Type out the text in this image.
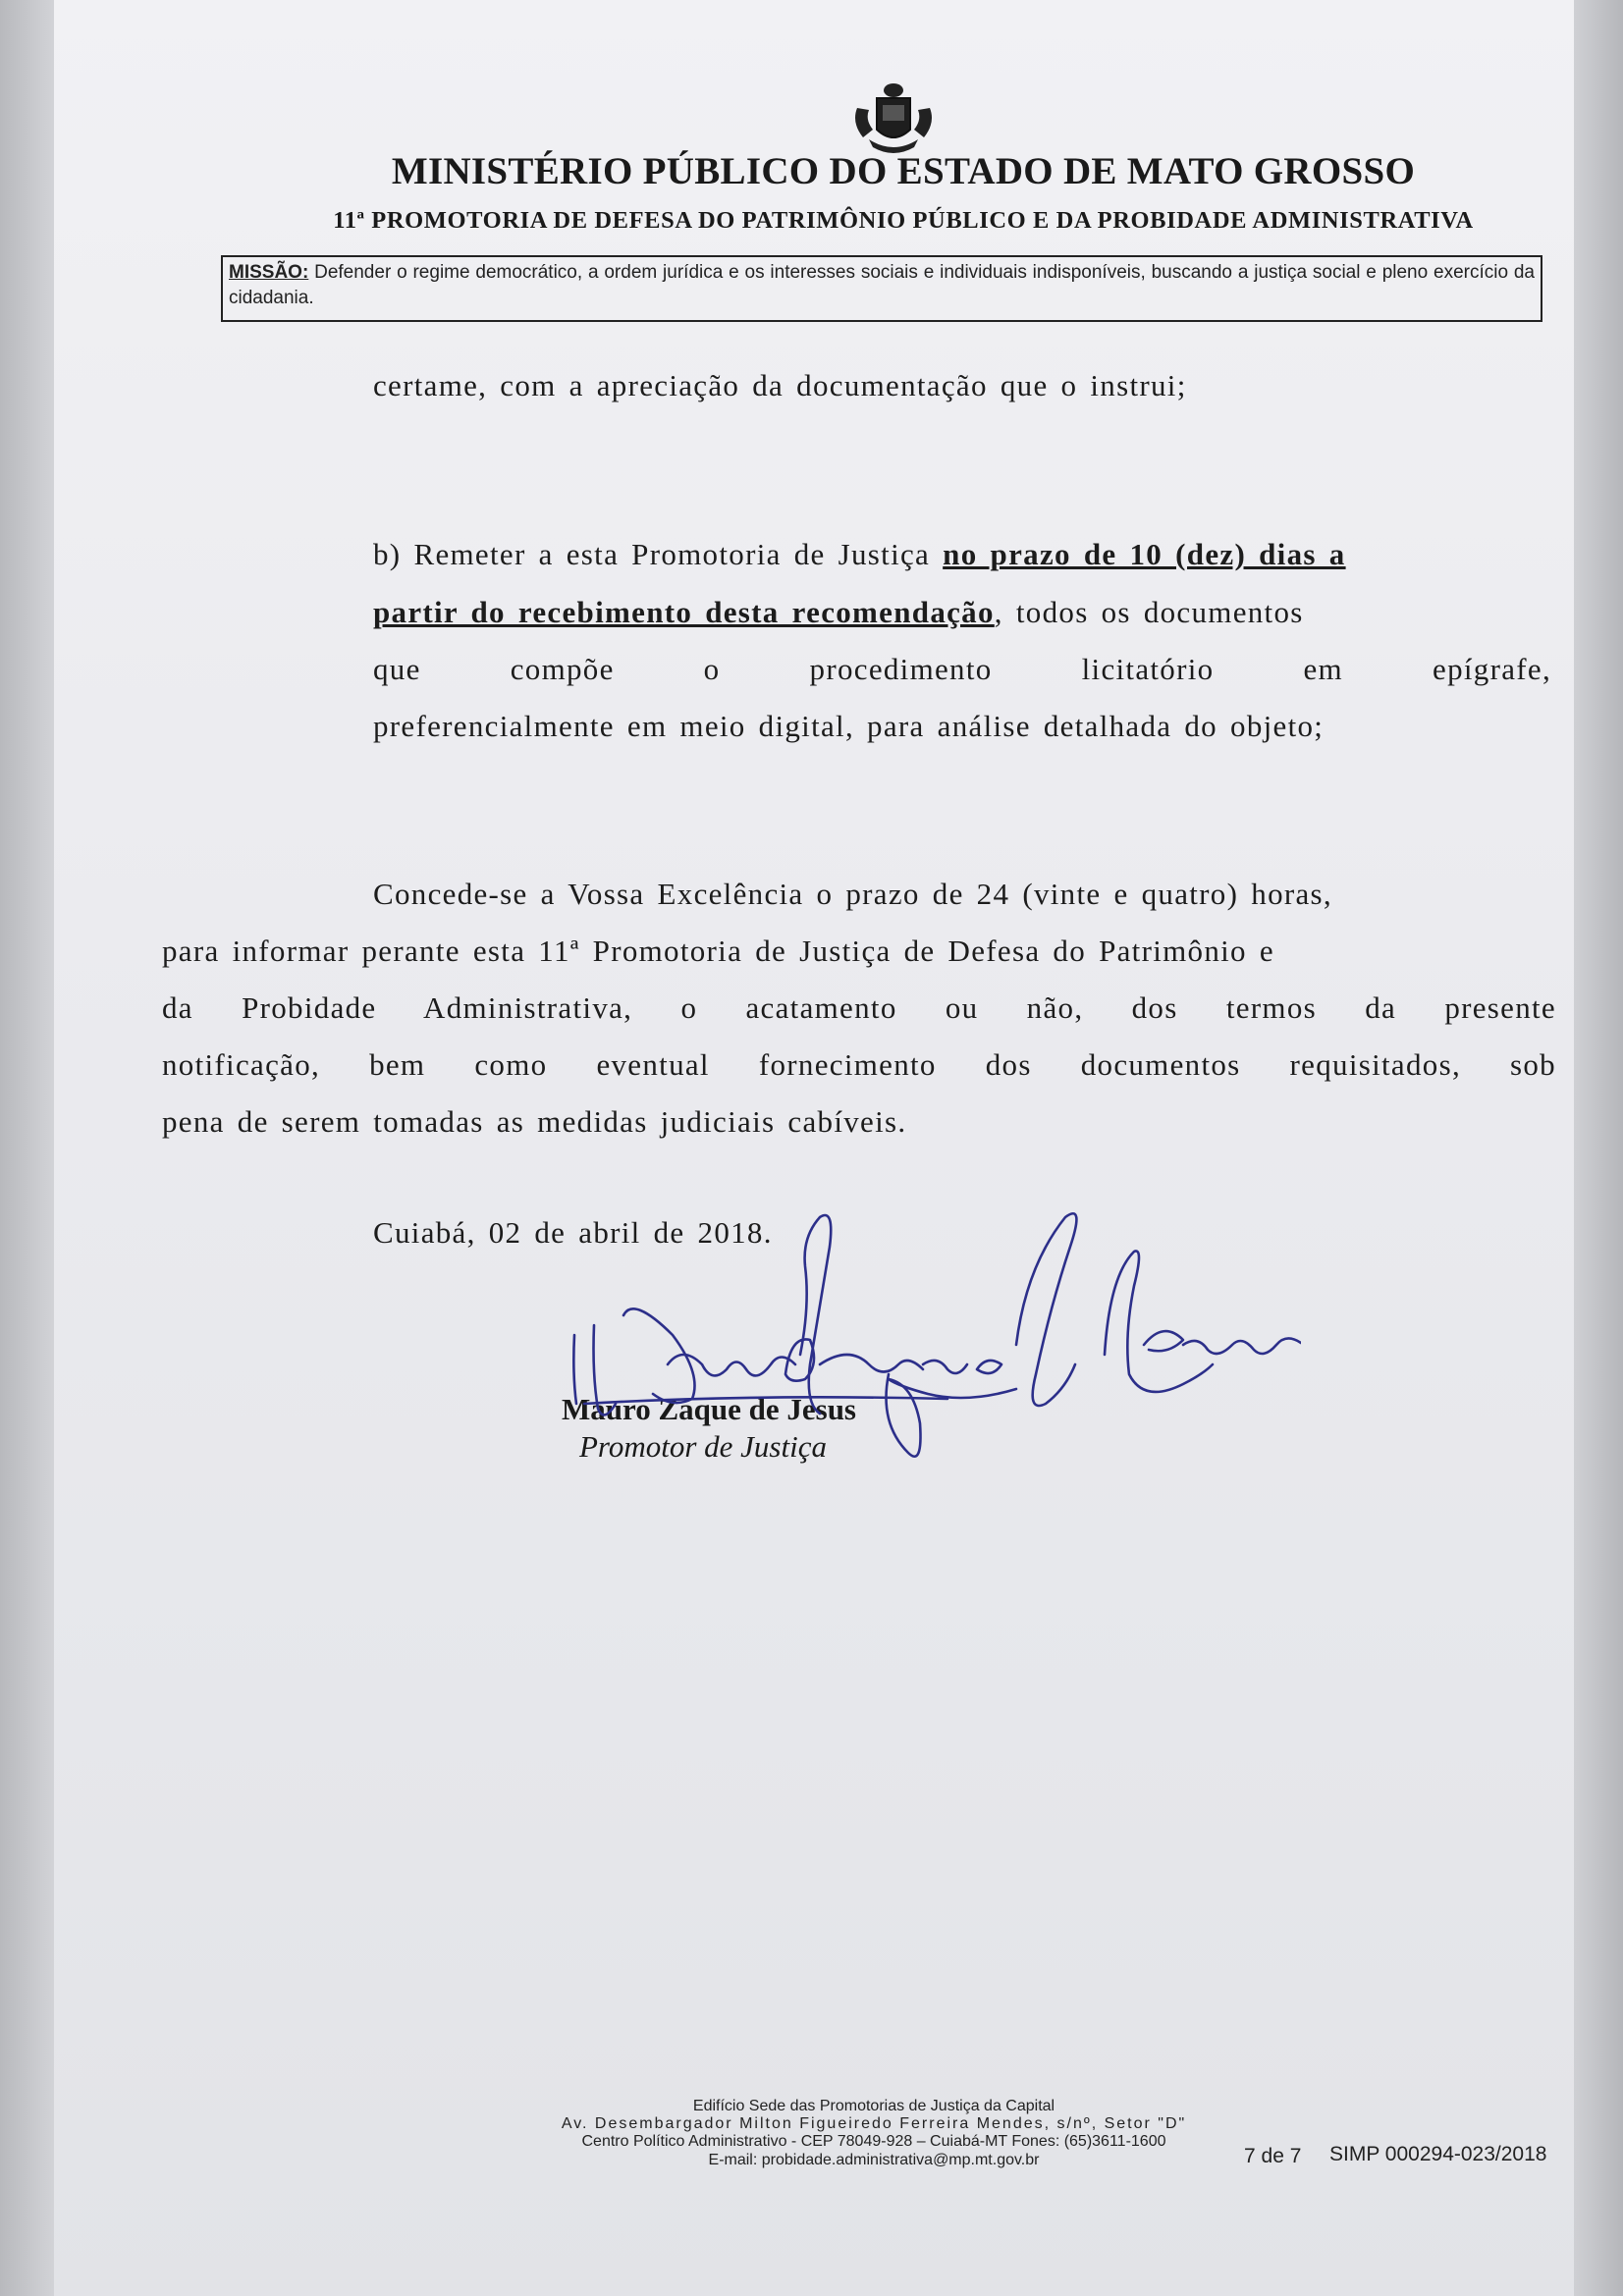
MINISTÉRIO PÚBLICO DO ESTADO DE MATO GROSSO
11ª PROMOTORIA DE DEFESA DO PATRIMÔNIO PÚBLICO E DA PROBIDADE ADMINISTRATIVA
MISSÃO: Defender o regime democrático, a ordem jurídica e os interesses sociais e individuais indisponíveis, buscando a justiça social e pleno exercício da cidadania.
certame, com a apreciação da documentação que o instrui;
b) Remeter a esta Promotoria de Justiça no prazo de 10 (dez) dias a
partir do recebimento desta recomendação, todos os documentos
que compõe o procedimento licitatório em epígrafe,
preferencialmente em meio digital, para análise detalhada do objeto;
Concede-se a Vossa Excelência o prazo de 24 (vinte e quatro) horas,
para informar perante esta 11ª Promotoria de Justiça de Defesa do Patrimônio e
da Probidade Administrativa, o acatamento ou não, dos termos da presente
notificação, bem como eventual fornecimento dos documentos requisitados, sob
pena de serem tomadas as medidas judiciais cabíveis.
Cuiabá, 02 de abril de 2018.
Mauro Zaque de Jesus
Promotor de Justiça
Edifício Sede das Promotorias de Justiça da Capital
Av. Desembargador Milton Figueiredo Ferreira Mendes, s/nº, Setor "D"
Centro Político Administrativo - CEP 78049-928 – Cuiabá-MT Fones: (65)3611-1600
E-mail: probidade.administrativa@mp.mt.gov.br	7 de 7 SIMP 000294-023/2018
